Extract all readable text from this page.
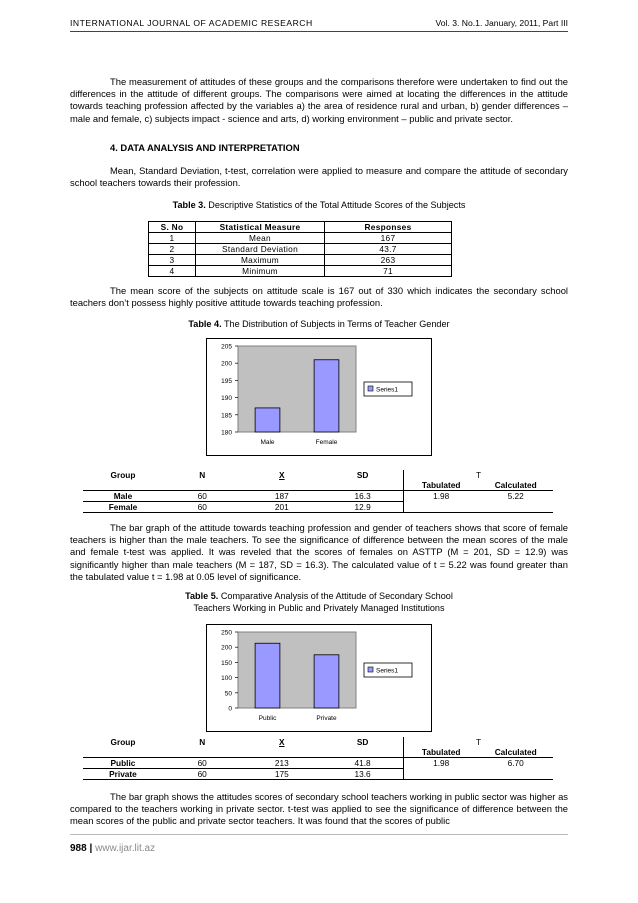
INTERNATIONAL JOURNAL OF ACADEMIC RESEARCH	Vol. 3. No.1. January, 2011, Part III
The measurement of attitudes of these groups and the comparisons therefore were undertaken to find out the differences in the attitude of different groups. The comparisons were aimed at locating the differences in the attitude towards teaching profession affected by the variables a) the area of residence rural and urban, b) gender differences – male and female, c) subjects impact - science and arts, d) working environment – public and private sector.
4. DATA ANALYSIS AND INTERPRETATION
Mean, Standard Deviation, t-test, correlation were applied to measure and compare the attitude of secondary school teachers towards their profession.
Table 3. Descriptive Statistics of the Total Attitude Scores of the Subjects
S. No	Statistical Measure	Responses
1	Mean	167
2	Standard Deviation	43.7
3	Maximum	263
4	Minimum	71
The mean score of the subjects on attitude scale is 167 out of 330 which indicates the secondary school teachers don’t possess highly positive attitude towards teaching profession.
Table 4. The Distribution of Subjects in Terms of Teacher Gender
180
185
190
195
200
205
Male	Female
Series1
Group	N	X	SD	T	
				Tabulated	Calculated
Male	60	187	16.3	1.98	5.22
Female	60	201	12.9		
The bar graph of the attitude towards teaching profession and gender of teachers shows that score of female teachers is higher than the male teachers. To see the significance of difference between the mean scores of the male and female t-test was applied. It was reveled that the scores of females on ASTTP (M = 201, SD = 12.9) was significantly higher than male teachers (M = 187, SD = 16.3). The calculated value of t = 5.22 was found greater than the tabulated value t = 1.98 at 0.05 level of significance.
Table 5. Comparative Analysis of the Attitude of Secondary School
Teachers Working in Public and Privately Managed Institutions
0
50
100
150
200
250
Public	Private
Series1
Group	N	X	SD	T	
				Tabulated	Calculated
Public	60	213	41.8	1.98	6.70
Private	60	175	13.6		
The bar graph shows the attitudes scores of secondary school teachers working in public sector was higher as compared to the teachers working in private sector. t-test was applied to see the significance of difference between the mean scores of the public and private sector teachers. It was found that the scores of public
988 | www.ijar.lit.az
